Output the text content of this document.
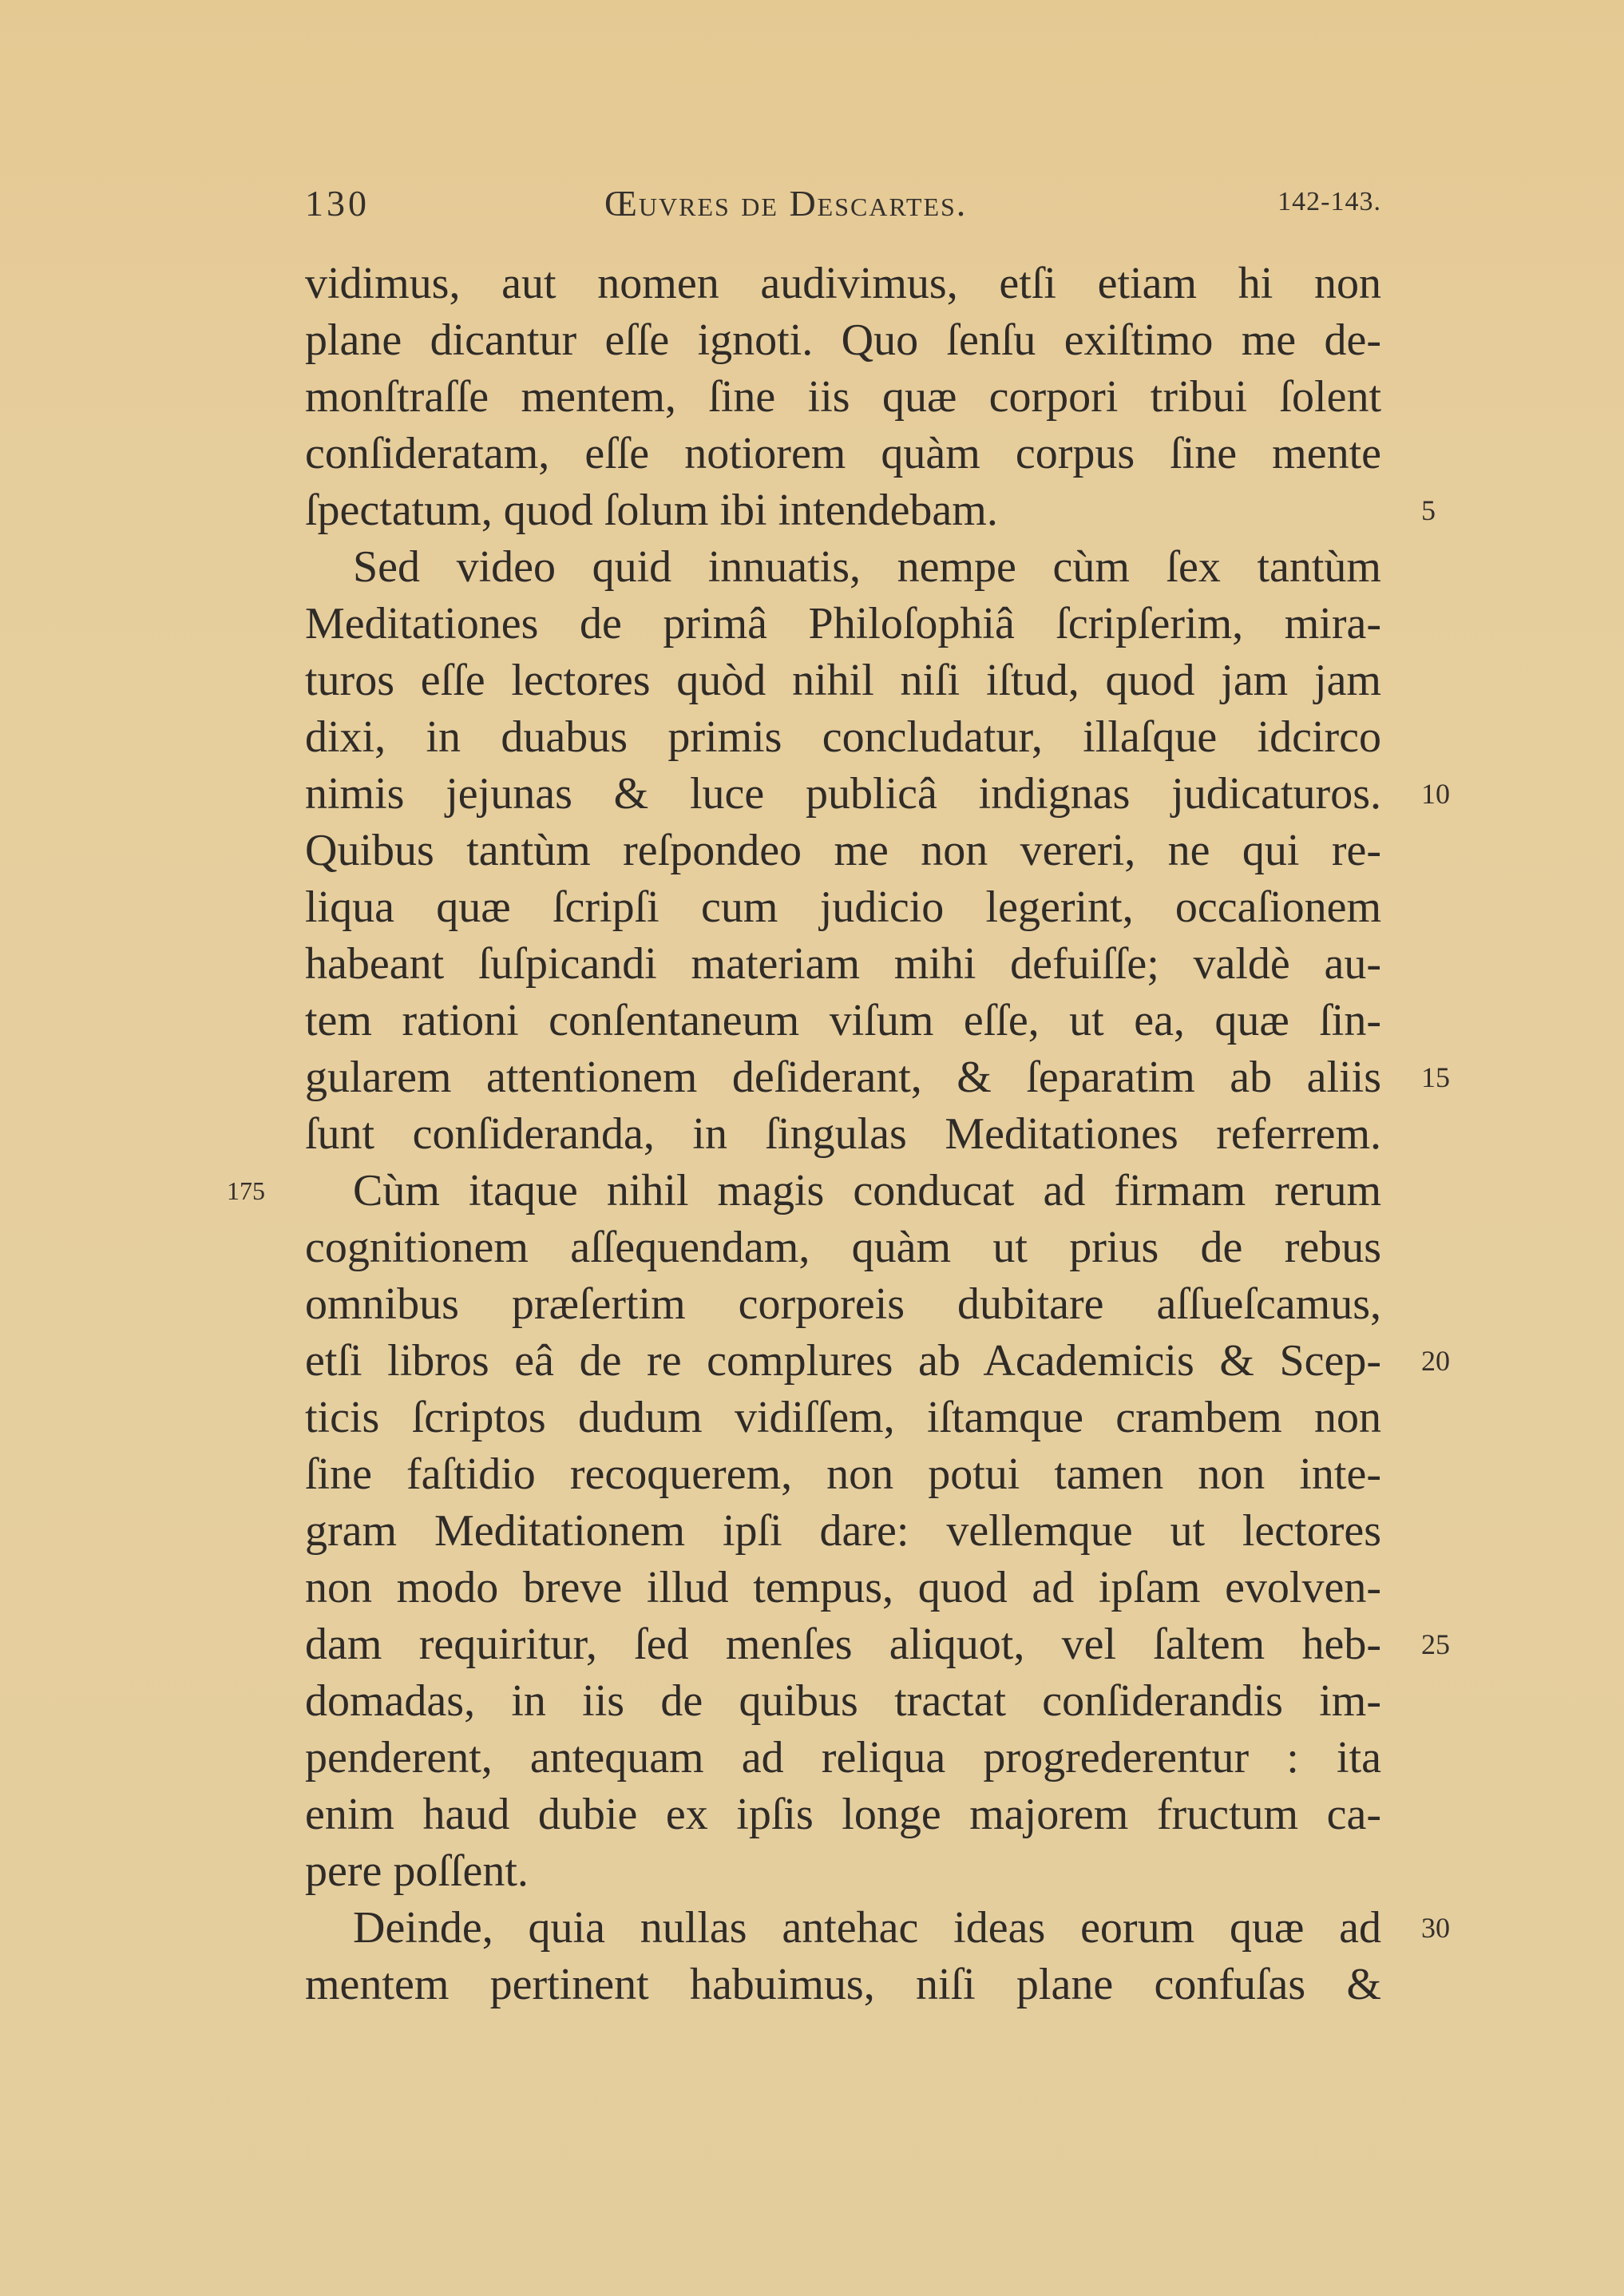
130	Œuvres de Descartes.	142-143.
vidimus, aut nomen audivimus, etſi etiam hi non
plane dicantur eſſe ignoti. Quo ſenſu exiſtimo me de-
monſtraſſe mentem, ſine iis quæ corpori tribui ſolent
conſideratam, eſſe notiorem quàm corpus ſine mente
ſpectatum, quod ſolum ibi intendebam.	5
Sed video quid innuatis, nempe cùm ſex tantùm
Meditationes de primâ Philoſophiâ ſcripſerim, mira-
turos eſſe lectores quòd nihil niſi iſtud, quod jam jam
dixi, in duabus primis concludatur, illaſque idcirco
nimis jejunas & luce publicâ indignas judicaturos. 10
Quibus tantùm reſpondeo me non vereri, ne qui re-
liqua quæ ſcripſi cum judicio legerint, occaſionem
habeant ſuſpicandi materiam mihi defuiſſe; valdè au-
tem rationi conſentaneum viſum eſſe, ut ea, quæ ſin-
gularem attentionem deſiderant, & ſeparatim ab aliis 15
ſunt conſideranda, in ſingulas Meditationes referrem.
Cùm itaque nihil magis conducat ad firmam rerum
175
cognitionem aſſequendam, quàm ut prius de rebus
omnibus præſertim corporeis dubitare aſſueſcamus,
etſi libros eâ de re complures ab Academicis & Scep- 20
ticis ſcriptos dudum vidiſſem, iſtamque crambem non
ſine faſtidio recoquerem, non potui tamen non inte-
gram Meditationem ipſi dare: vellemque ut lectores
non modo breve illud tempus, quod ad ipſam evolven-
dam requiritur, ſed menſes aliquot, vel ſaltem heb- 25
domadas, in iis de quibus tractat conſiderandis im-
penderent, antequam ad reliqua progrederentur : ita
enim haud dubie ex ipſis longe majorem fructum ca-
pere poſſent.
Deinde, quia nullas antehac ideas eorum quæ ad 30
mentem pertinent habuimus, niſi plane confuſas &
